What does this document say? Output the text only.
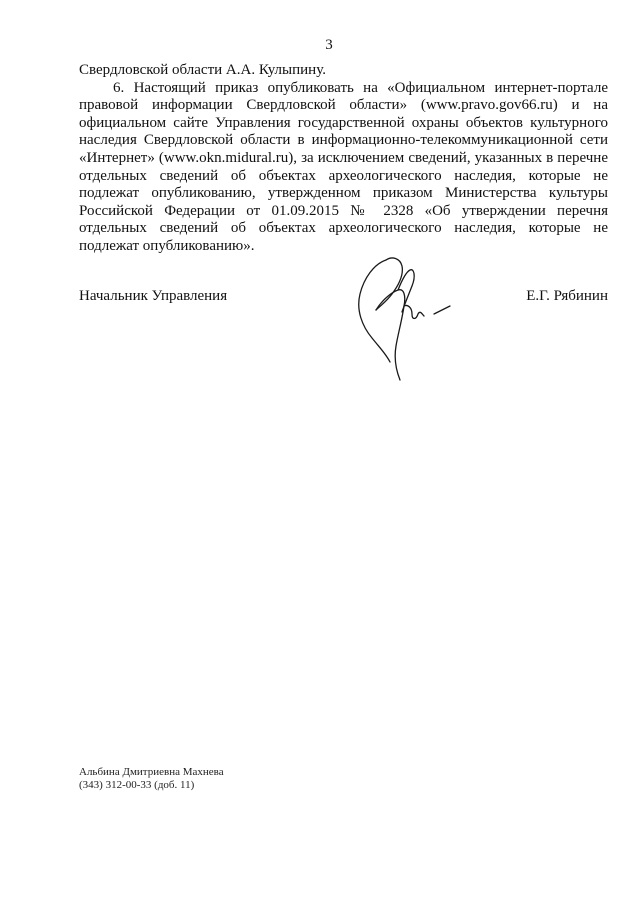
3

Свердловской области А.А. Кулыпину.

6. Настоящий приказ опубликовать на «Официальном интернет-портале правовой информации Свердловской области» (www.pravo.gov66.ru) и на официальном сайте Управления государственной охраны объектов культурного наследия Свердловской области в информационно-телекоммуникационной сети «Интернет» (www.okn.midural.ru), за исключением сведений, указанных в перечне отдельных сведений об объектах археологического наследия, которые не подлежат опубликованию, утвержденном приказом Министерства культуры Российской Федерации от 01.09.2015 № 2328 «Об утверждении перечня отдельных сведений об объектах археологического наследия, которые не подлежат опубликованию».

Начальник Управления	Е.Г. Рябинин
Альбина Дмитриевна Махнева
(343) 312-00-33 (доб. 11)
